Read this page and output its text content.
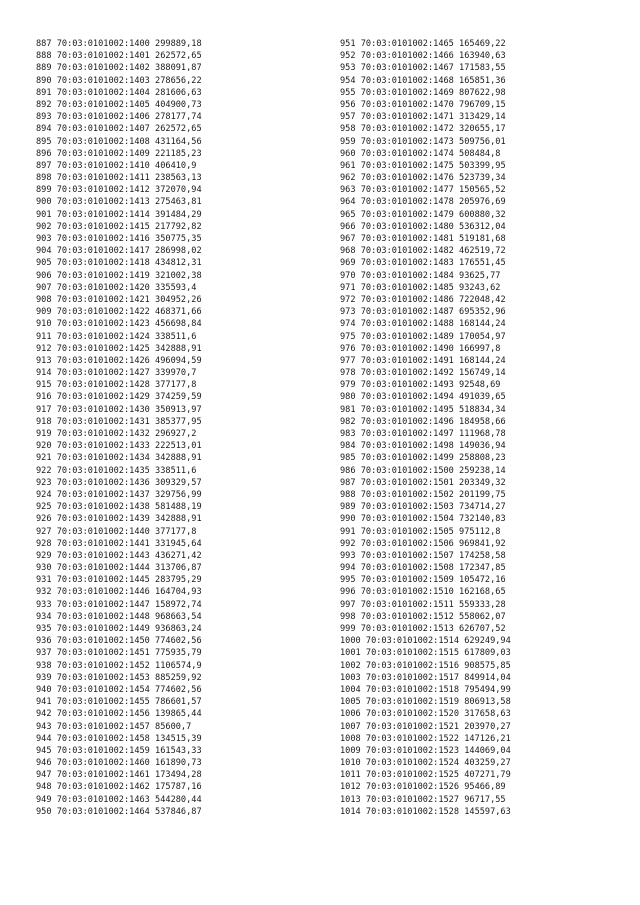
887 70:03:0101002:1400 299889,18
888 70:03:0101002:1401 262572,65
889 70:03:0101002:1402 388091,87
890 70:03:0101002:1403 278656,22
891 70:03:0101002:1404 281606,63
892 70:03:0101002:1405 404900,73
893 70:03:0101002:1406 278177,74
894 70:03:0101002:1407 262572,65
895 70:03:0101002:1408 431164,56
896 70:03:0101002:1409 221185,23
897 70:03:0101002:1410 406410,9
898 70:03:0101002:1411 238563,13
899 70:03:0101002:1412 372070,94
900 70:03:0101002:1413 275463,81
901 70:03:0101002:1414 391484,29
902 70:03:0101002:1415 217792,82
903 70:03:0101002:1416 350775,35
904 70:03:0101002:1417 286998,02
905 70:03:0101002:1418 434812,31
906 70:03:0101002:1419 321002,38
907 70:03:0101002:1420 335593,4
908 70:03:0101002:1421 304952,26
909 70:03:0101002:1422 468371,66
910 70:03:0101002:1423 456698,84
911 70:03:0101002:1424 338511,6
912 70:03:0101002:1425 342888,91
913 70:03:0101002:1426 496094,59
914 70:03:0101002:1427 339970,7
915 70:03:0101002:1428 377177,8
916 70:03:0101002:1429 374259,59
917 70:03:0101002:1430 350913,97
918 70:03:0101002:1431 385377,95
919 70:03:0101002:1432 296927,2
920 70:03:0101002:1433 222513,01
921 70:03:0101002:1434 342888,91
922 70:03:0101002:1435 338511,6
923 70:03:0101002:1436 309329,57
924 70:03:0101002:1437 329756,99
925 70:03:0101002:1438 581488,19
926 70:03:0101002:1439 342888,91
927 70:03:0101002:1440 377177,8
928 70:03:0101002:1441 331945,64
929 70:03:0101002:1443 436271,42
930 70:03:0101002:1444 313706,87
931 70:03:0101002:1445 283795,29
932 70:03:0101002:1446 164704,93
933 70:03:0101002:1447 158972,74
934 70:03:0101002:1448 968663,54
935 70:03:0101002:1449 936863,24
936 70:03:0101002:1450 774602,56
937 70:03:0101002:1451 775935,79
938 70:03:0101002:1452 1106574,9
939 70:03:0101002:1453 885259,92
940 70:03:0101002:1454 774602,56
941 70:03:0101002:1455 786601,57
942 70:03:0101002:1456 139865,44
943 70:03:0101002:1457 85600,7
944 70:03:0101002:1458 134515,39
945 70:03:0101002:1459 161543,33
946 70:03:0101002:1460 161890,73
947 70:03:0101002:1461 173494,28
948 70:03:0101002:1462 175787,16
949 70:03:0101002:1463 544280,44
950 70:03:0101002:1464 537846,87
951 70:03:0101002:1465 165469,22
952 70:03:0101002:1466 163940,63
953 70:03:0101002:1467 171583,55
954 70:03:0101002:1468 165851,36
955 70:03:0101002:1469 807622,98
956 70:03:0101002:1470 796709,15
957 70:03:0101002:1471 313429,14
958 70:03:0101002:1472 320655,17
959 70:03:0101002:1473 509756,01
960 70:03:0101002:1474 508484,8
961 70:03:0101002:1475 503399,95
962 70:03:0101002:1476 523739,34
963 70:03:0101002:1477 150565,52
964 70:03:0101002:1478 205976,69
965 70:03:0101002:1479 600880,32
966 70:03:0101002:1480 536312,04
967 70:03:0101002:1481 519181,68
968 70:03:0101002:1482 462519,72
969 70:03:0101002:1483 176551,45
970 70:03:0101002:1484 93625,77
971 70:03:0101002:1485 93243,62
972 70:03:0101002:1486 722048,42
973 70:03:0101002:1487 695352,96
974 70:03:0101002:1488 168144,24
975 70:03:0101002:1489 170054,97
976 70:03:0101002:1490 166997,8
977 70:03:0101002:1491 168144,24
978 70:03:0101002:1492 156749,14
979 70:03:0101002:1493 92548,69
980 70:03:0101002:1494 491039,65
981 70:03:0101002:1495 518834,34
982 70:03:0101002:1496 184958,66
983 70:03:0101002:1497 111968,78
984 70:03:0101002:1498 149036,94
985 70:03:0101002:1499 258808,23
986 70:03:0101002:1500 259238,14
987 70:03:0101002:1501 203349,32
988 70:03:0101002:1502 201199,75
989 70:03:0101002:1503 734714,27
990 70:03:0101002:1504 732140,83
991 70:03:0101002:1505 975112,8
992 70:03:0101002:1506 969841,92
993 70:03:0101002:1507 174258,58
994 70:03:0101002:1508 172347,85
995 70:03:0101002:1509 105472,16
996 70:03:0101002:1510 162168,65
997 70:03:0101002:1511 559333,28
998 70:03:0101002:1512 558062,07
999 70:03:0101002:1513 626707,52
1000 70:03:0101002:1514 629249,94
1001 70:03:0101002:1515 617809,03
1002 70:03:0101002:1516 908575,85
1003 70:03:0101002:1517 849914,04
1004 70:03:0101002:1518 795494,99
1005 70:03:0101002:1519 806913,58
1006 70:03:0101002:1520 317658,63
1007 70:03:0101002:1521 203970,27
1008 70:03:0101002:1522 147126,21
1009 70:03:0101002:1523 144069,04
1010 70:03:0101002:1524 403259,27
1011 70:03:0101002:1525 407271,79
1012 70:03:0101002:1526 95466,89
1013 70:03:0101002:1527 96717,55
1014 70:03:0101002:1528 145597,63
